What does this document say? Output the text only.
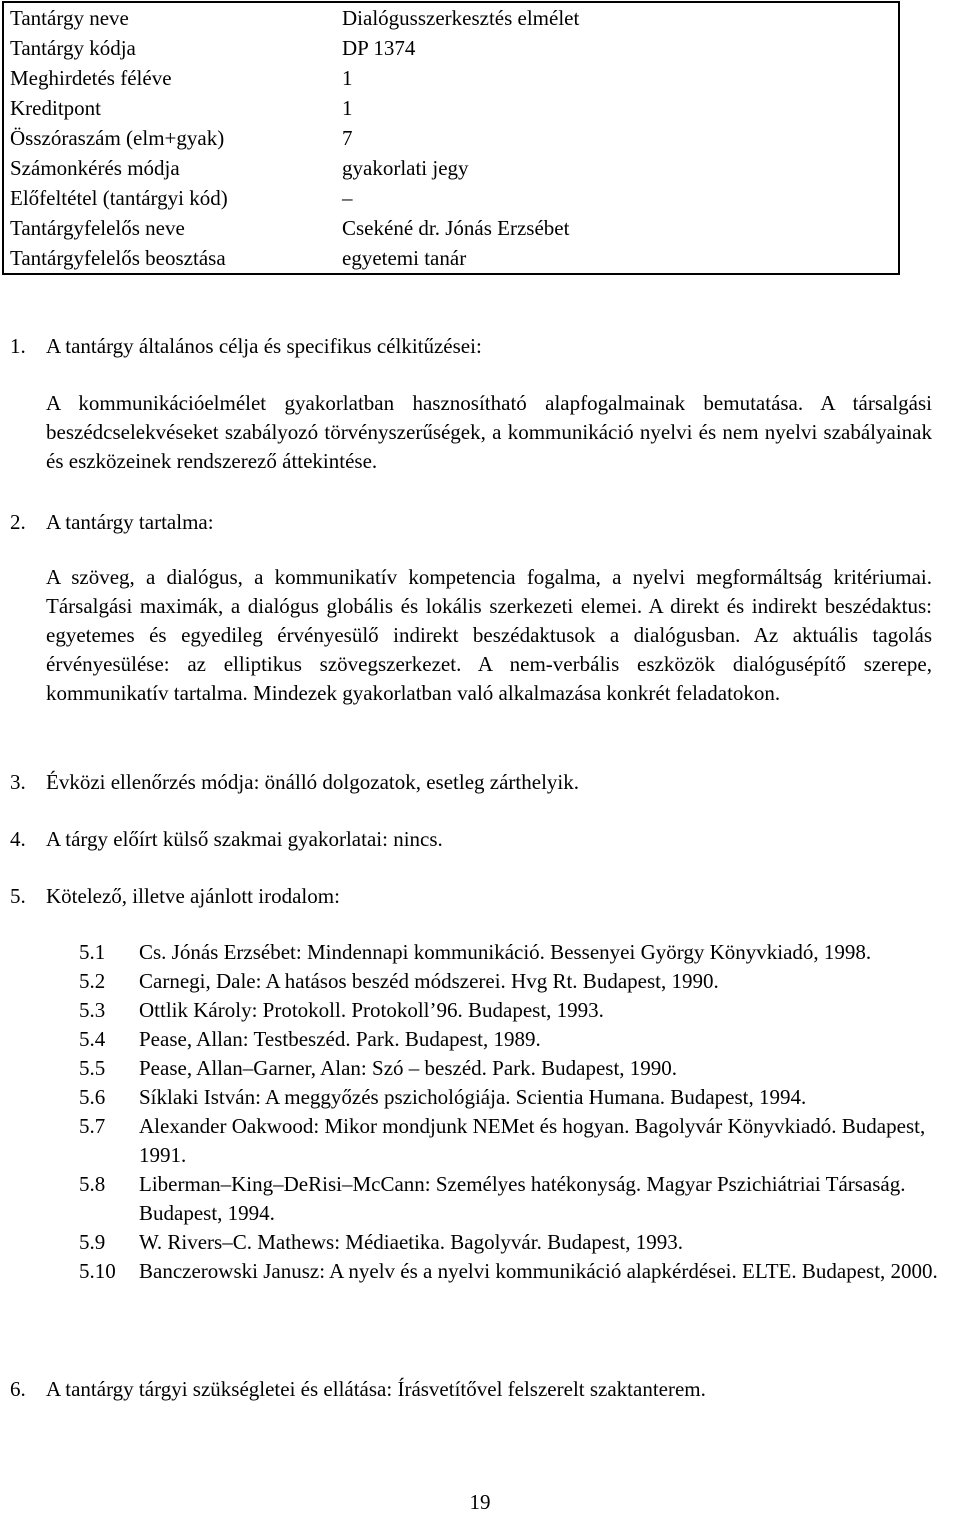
Tantárgy neve	Dialógusszerkesztés elmélet
Tantárgy kódja	DP 1374
Meghirdetés féléve	1
Kreditpont	1
Összóraszám (elm+gyak)	7
Számonkérés módja	gyakorlati jegy
Előfeltétel (tantárgyi kód)	–
Tantárgyfelelős neve	Csekéné dr. Jónás Erzsébet
Tantárgyfelelős beosztása	egyetemi tanár
1. A tantárgy általános célja és specifikus célkitűzései:

A kommunikációelmélet gyakorlatban hasznosítható alapfogalmainak bemutatása. A társalgási beszédcselekvéseket szabályozó törvényszerűségek, a kommunikáció nyelvi és nem nyelvi szabályainak és eszközeinek rendszerező áttekintése.

2. A tantárgy tartalma:

A szöveg, a dialógus, a kommunikatív kompetencia fogalma, a nyelvi megformáltság kritériumai. Társalgási maximák, a dialógus globális és lokális szerkezeti elemei. A direkt és indirekt beszédaktus: egyetemes és egyedileg érvényesülő indirekt beszédaktusok a dialógusban. Az aktuális tagolás érvényesülése: az elliptikus szövegszerkezet. A nem-verbális eszközök dialógusépítő szerepe, kommunikatív tartalma. Mindezek gyakorlatban való alkalmazása konkrét feladatokon.

3. Évközi ellenőrzés módja: önálló dolgozatok, esetleg zárthelyik.
4. A tárgy előírt külső szakmai gyakorlatai: nincs.
5. Kötelező, illetve ajánlott irodalom:
5.1	Cs. Jónás Erzsébet: Mindennapi kommunikáció. Bessenyei György Könyvkiadó, 1998.
5.2	Carnegi, Dale: A hatásos beszéd módszerei. Hvg Rt. Budapest, 1990.
5.3	Ottlik Károly: Protokoll. Protokoll’96. Budapest, 1993.
5.4	Pease, Allan: Testbeszéd. Park. Budapest, 1989.
5.5	Pease, Allan–Garner, Alan: Szó – beszéd. Park. Budapest, 1990.
5.6	Síklaki István: A meggyőzés pszichológiája. Scientia Humana. Budapest, 1994.
5.7	Alexander Oakwood: Mikor mondjunk NEMet és hogyan. Bagolyvár Könyvkiadó. Budapest, 1991.
5.8	Liberman–King–DeRisi–McCann: Személyes hatékonyság. Magyar Pszichiátriai Társaság. Budapest, 1994.
5.9	W. Rivers–C. Mathews: Médiaetika. Bagolyvár. Budapest, 1993.
5.10	Banczerowski Janusz: A nyelv és a nyelvi kommunikáció alapkérdései. ELTE. Budapest, 2000.
6. A tantárgy tárgyi szükségletei és ellátása: Írásvetítővel felszerelt szaktanterem.
19
